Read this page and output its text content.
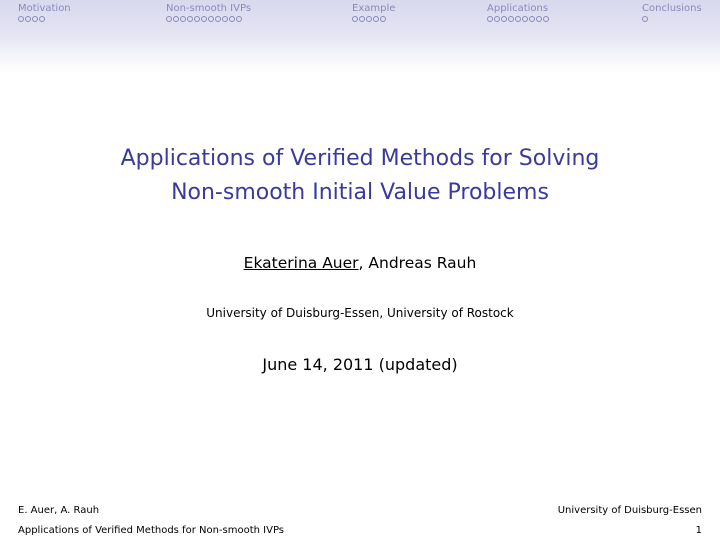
Motivation	Non-smooth IVPs	Example	Applications	Conclusions
Applications of Verified Methods for Solving
Non-smooth Initial Value Problems
Ekaterina Auer, Andreas Rauh
University of Duisburg-Essen, University of Rostock
June 14, 2011 (updated)
E. Auer, A. Rauh	University of Duisburg-Essen
Applications of Verified Methods for Non-smooth IVPs	1
